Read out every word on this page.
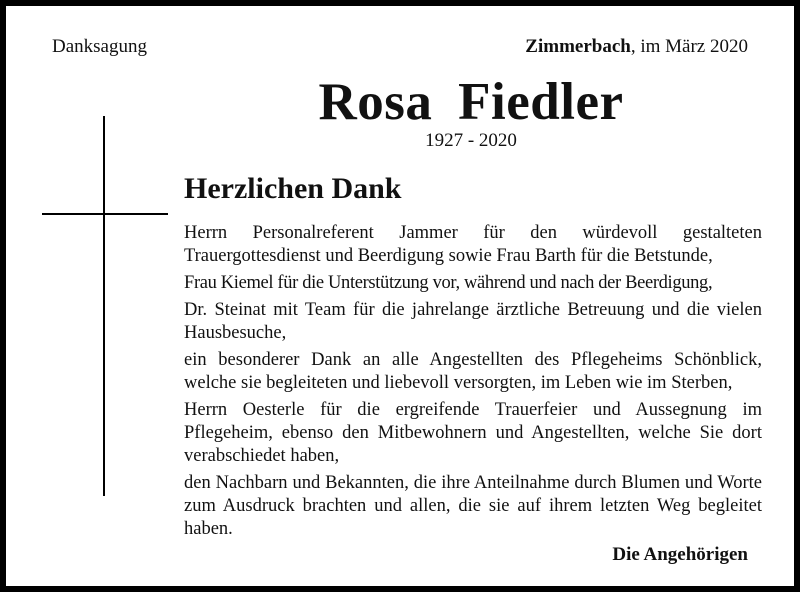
Danksagung	Zimmerbach, im März 2020

Rosa Fiedler

1927 - 2020

Herzlichen Dank

Herrn Personalreferent Jammer für den würdevoll gestalteten Trauergottesdienst und Beerdigung sowie Frau Barth für die Betstunde,

Frau Kiemel für die Unterstützung vor, während und nach der Beerdigung,

Dr. Steinat mit Team für die jahrelange ärztliche Betreuung und die vielen Hausbesuche,

ein besonderer Dank an alle Angestellten des Pflegeheims Schönblick, welche sie begleiteten und liebevoll versorgten, im Leben wie im Sterben,

Herrn Oesterle für die ergreifende Trauerfeier und Aussegnung im Pflegeheim, ebenso den Mitbewohnern und Angestellten, welche Sie dort verabschiedet haben,

den Nachbarn und Bekannten, die ihre Anteilnahme durch Blumen und Worte zum Ausdruck brachten und allen, die sie auf ihrem letzten Weg begleitet haben.

Die Angehörigen
